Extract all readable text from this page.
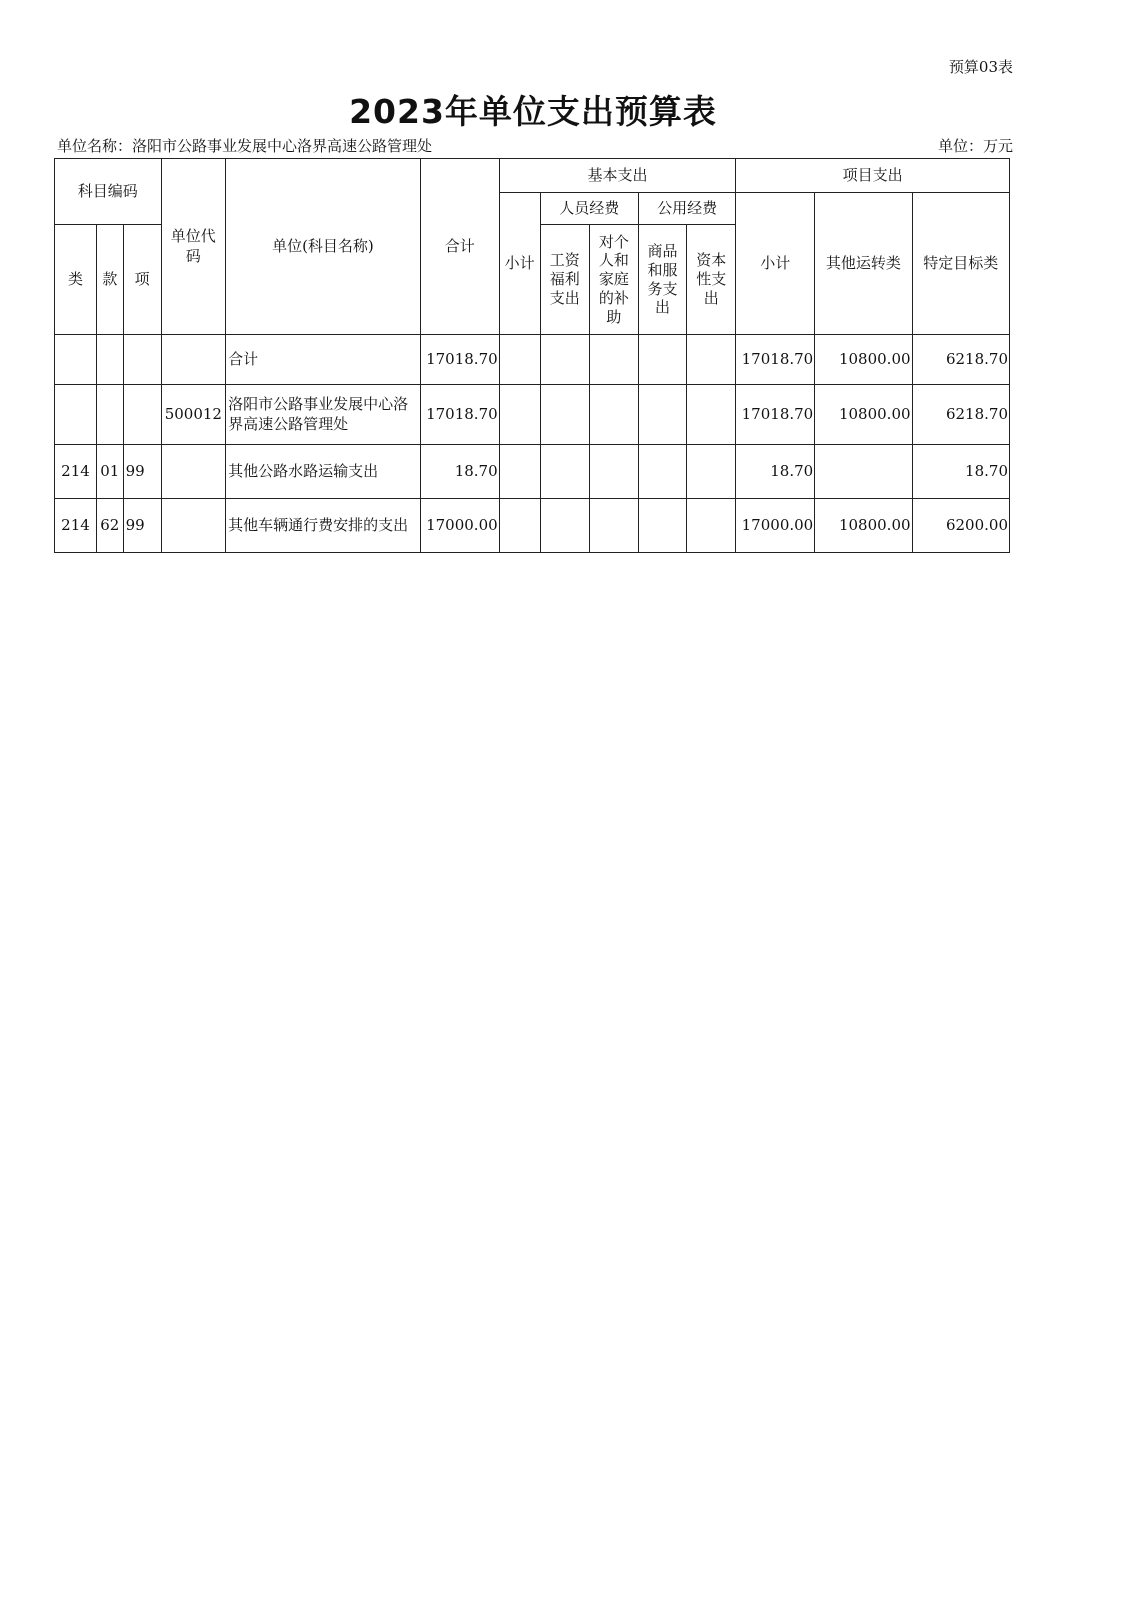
预算03表
2023年单位支出预算表
单位名称：洛阳市公路事业发展中心洛界高速公路管理处	单位：万元
科目编码			单位代码	单位(科目名称)	合计	基本支出					项目支出		
						小计	人员经费		公用经费		小计	其他运转类	特定目标类
类	款	项					工资福利支出	对个人和家庭的补助	商品和服务支出	资本性支出			

				合计	17018.70						17018.70	10800.00	6218.70
			500012	洛阳市公路事业发展中心洛界高速公路管理处	17018.70						17018.70	10800.00	6218.70
214	01	99		其他公路水路运输支出	18.70						18.70		18.70
214	62	99		其他车辆通行费安排的支出	17000.00						17000.00	10800.00	6200.00
